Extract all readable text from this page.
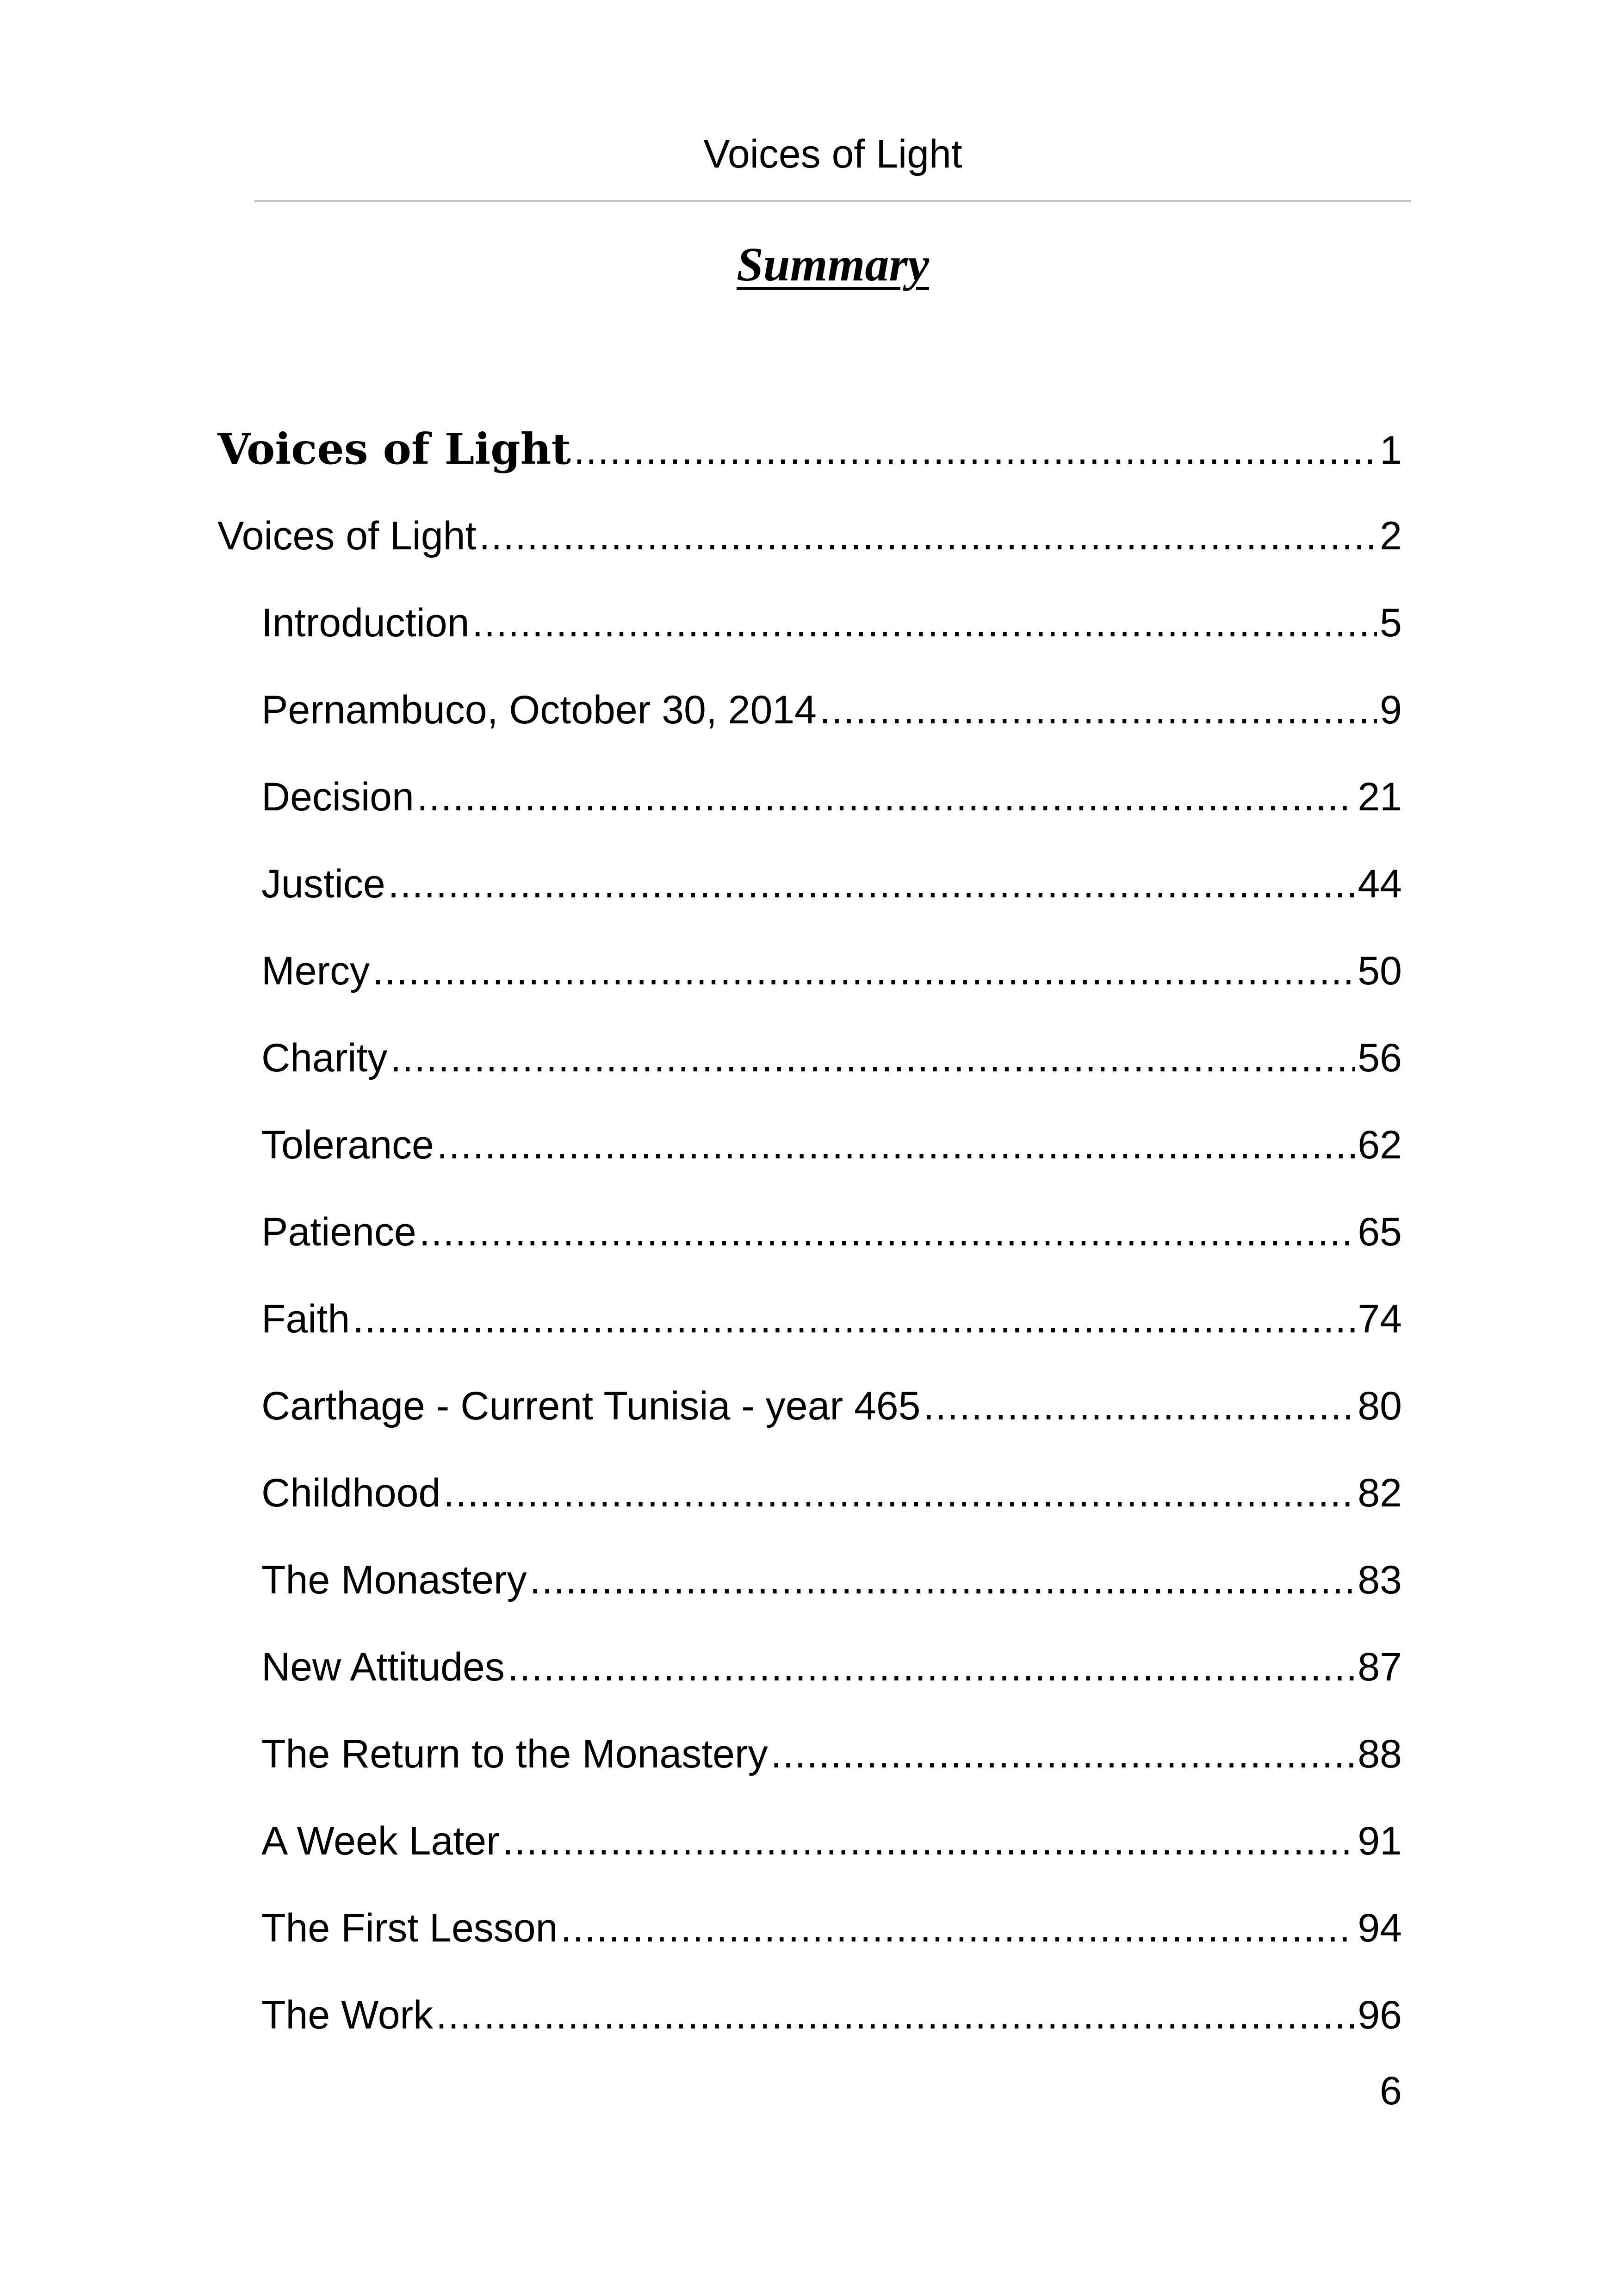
Voices of Light
Summary
Voices of Light .....	1
Voices of Light .....	2
Introduction .....	5
Pernambuco, October 30, 2014 .....	9
Decision .....	21
Justice .....	44
Mercy .....	50
Charity .....	56
Tolerance .....	62
Patience .....	65
Faith .....	74
Carthage - Current Tunisia - year 465 .....	80
Childhood .....	82
The Monastery .....	83
New Attitudes .....	87
The Return to the Monastery .....	88
A Week Later .....	91
The First Lesson .....	94
The Work .....	96
6
